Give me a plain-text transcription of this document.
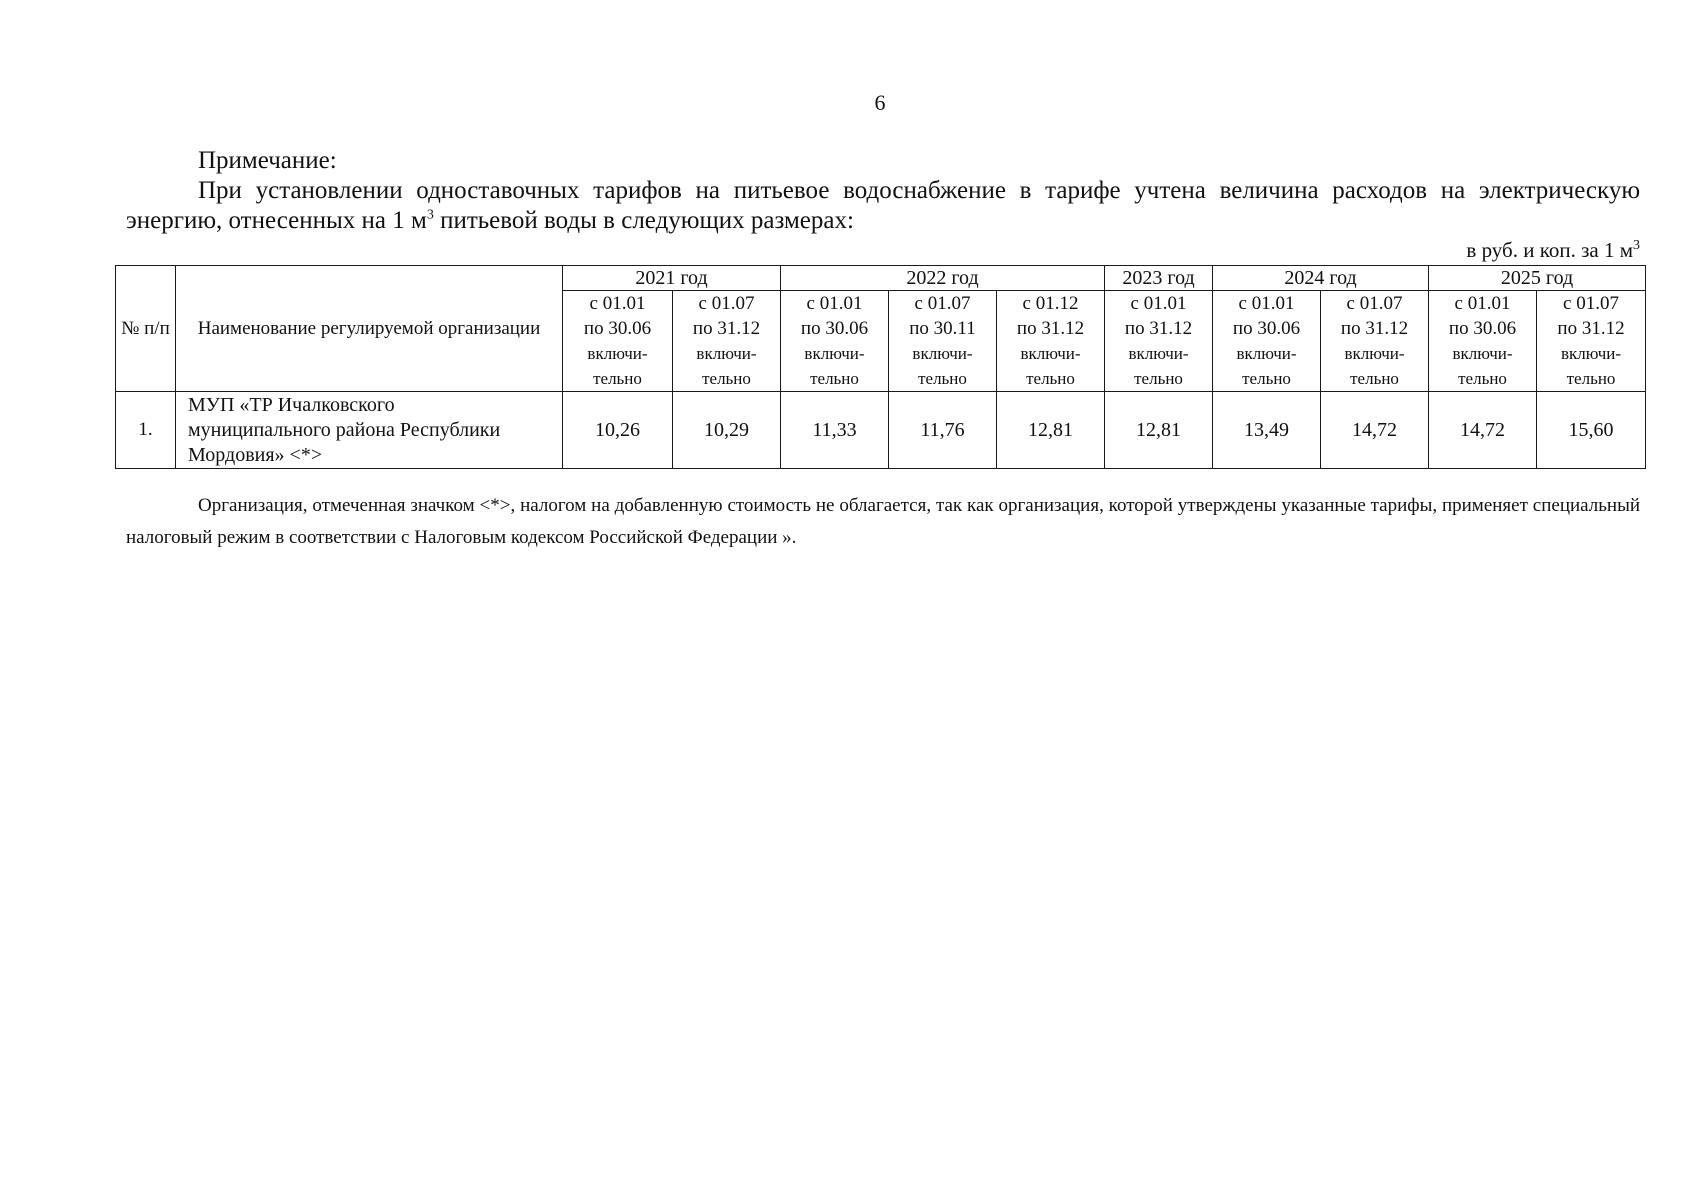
6
Примечание:
При установлении одноставочных тарифов на питьевое водоснабжение в тарифе учтена величина расходов на электрическую энергию, отнесенных на 1 $м^3$ питьевой воды в следующих размерах:
в руб. и коп. за 1 $м^3$
№ п/п	Наименование регулируемой организации	2021 год		2022 год			2023 год	2024 год		2025 год	

		с 01.01
по 30.06
включи-
тельно	с 01.07
по 31.12
включи-
тельно	с 01.01
по 30.06
включи-
тельно	с 01.07
по 30.11
включи-
тельно	с 01.12
по 31.12
включи-
тельно	с 01.01
по 31.12
включи-
тельно	с 01.01
по 30.06
включи-
тельно	с 01.07
по 31.12
включи-
тельно	с 01.01
по 30.06
включи-
тельно	с 01.07
по 31.12
включи-
тельно

1.	МУП «ТР Ичалковского
муниципального района Республики
Мордовия» <*>	10,26	10,29	11,33	11,76	12,81	12,81	13,49	14,72	14,72	15,60
Организация, отмеченная значком <*>, налогом на добавленную стоимость не облагается, так как организация, которой утверждены указанные тарифы, применяет специальный налоговый режим в соответствии с Налоговым кодексом Российской Федерации ».
